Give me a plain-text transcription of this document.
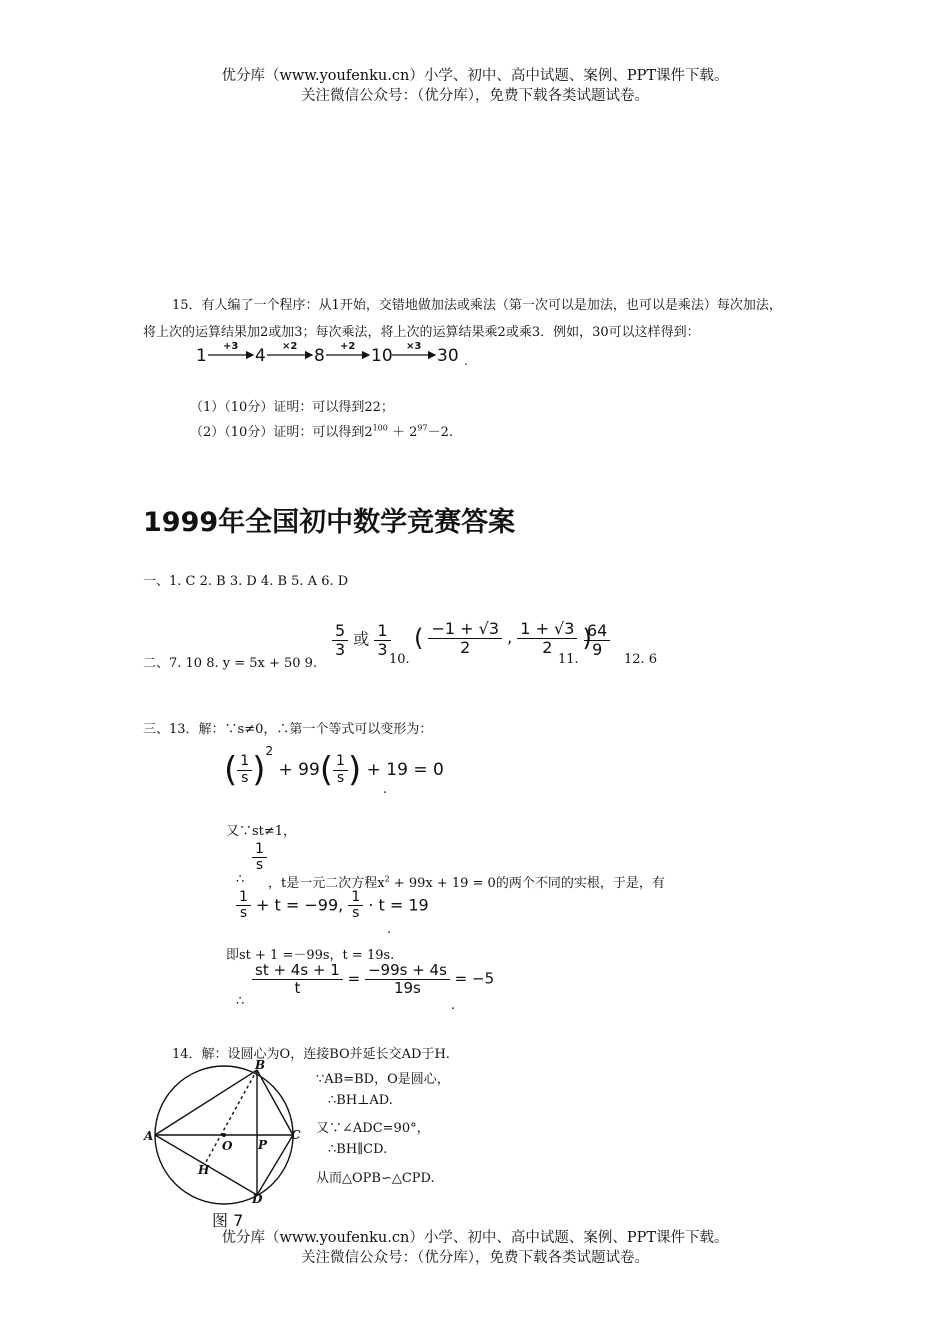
优分库（www.youfenku.cn）小学、初中、高中试题、案例、PPT课件下载。
关注微信公众号：（优分库），免费下载各类试题试卷。
15．有人编了一个程序：从1开始，交错地做加法或乘法（第一次可以是加法，也可以是乘法）每次加法，
将上次的运算结果加2或加3；每次乘法，将上次的运算结果乘2或乘3．例如，30可以这样得到：
1 +3 4 ×2 8 +2 10 ×3 30 .
（1）（10分）证明：可以得到22；
（2）（10分）证明：可以得到$2^{100} + 2^{97}-2$.
1999年全国初中数学竞赛答案
一、1. C 2. B 3. D 4. B 5. A 6. D
二、7. 10 8. y = 5x + 50 9.
$\frac{5}{3}$ 或 $\frac{1}{3}$
10.
( $\frac{-1 + √3}{2}$ , $\frac{1 + √3}{2}$ )
11.
$\frac{64}{9}$
12. 6
三、13．解：∵s≠0，∴第一个等式可以变形为：
( $\frac{1}{s} )^2 + 99( \frac{1}{s}$ ) + 19 = 0
.
又∵st≠1，
∴
$\frac{1}{s}$
，t是一元二次方程$x^2 + 99x + 19 = 0$的两个不同的实根，于是，有
$\frac{1}{s} + t = -99$, $\frac{1}{s} \cdot t = 19$
.
即st + 1 =－99s，t = 19s.
∴
$\frac{st + 4s + 1}{t} = \frac{-99s + 4s}{19s} = -5$
.
14．解：设圆心为O，连接BO并延长交AD于H.
∵AB=BD，O是圆心，
∴BH⊥AD.
又∵∠ADC=90°，
∴BH∥CD.
从而△OPB∽△CPD.
A
B
C
D
O P
H
图 7
优分库（www.youfenku.cn）小学、初中、高中试题、案例、PPT课件下载。
关注微信公众号：（优分库），免费下载各类试题试卷。
